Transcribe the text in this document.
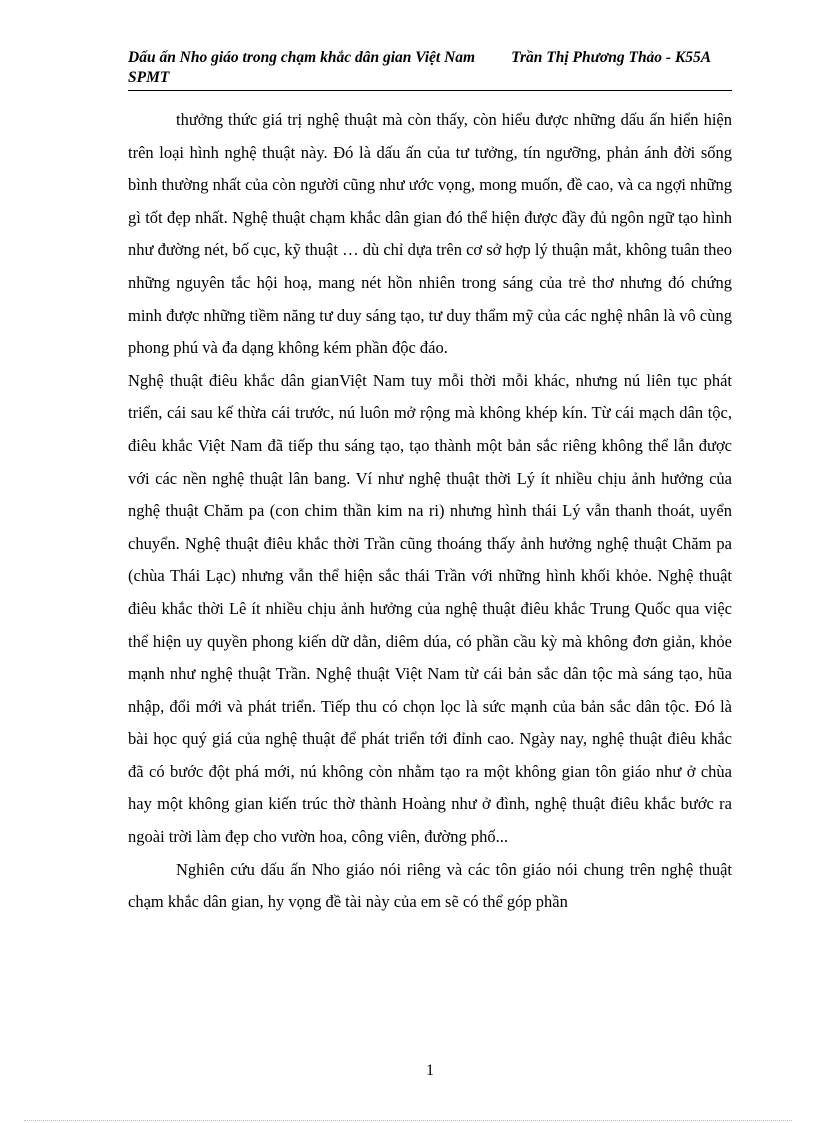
Dấu ấn Nho giáo trong chạm khắc dân gian Việt Nam Trần Thị Phương Thảo - K55A SPMT

thưởng thức giá trị nghệ thuật mà còn thấy, còn hiểu được những dấu ấn hiển hiện trên loại hình nghệ thuật này. Đó là dấu ấn của tư tưởng, tín ngưỡng, phản ánh đời sống bình thường nhất của còn người cũng như ước vọng, mong muốn, đề cao, và ca ngợi những gì tốt đẹp nhất. Nghệ thuật chạm khắc dân gian đó thể hiện được đầy đủ ngôn ngữ tạo hình như đường nét, bố cục, kỹ thuật … dù chỉ dựa trên cơ sở hợp lý thuận mắt, không tuân theo những nguyên tắc hội hoạ, mang nét hồn nhiên trong sáng của trẻ thơ nhưng đó chứng minh được những tiềm năng tư duy sáng tạo, tư duy thẩm mỹ của các nghệ nhân là vô cùng phong phú và đa dạng không kém phần độc đáo.

Nghệ thuật điêu khắc dân gianViệt Nam tuy mỗi thời mỗi khác, nhưng nú liên tục phát triển, cái sau kế thừa cái trước, nú luôn mở rộng mà không khép kín. Từ cái mạch dân tộc, điêu khắc Việt Nam đã tiếp thu sáng tạo, tạo thành một bản sắc riêng không thể lẫn được với các nền nghệ thuật lân bang. Ví như nghệ thuật thời Lý ít nhiều chịu ảnh hưởng của nghệ thuật Chăm pa (con chim thần kim na ri) nhưng hình thái Lý vẫn thanh thoát, uyển chuyển. Nghệ thuật điêu khắc thời Trần cũng thoáng thấy ảnh hưởng nghệ thuật Chăm pa (chùa Thái Lạc) nhưng vẫn thể hiện sắc thái Trần với những hình khối khỏe. Nghệ thuật điêu khắc thời Lê ít nhiều chịu ảnh hưởng của nghệ thuật điêu khắc Trung Quốc qua việc thể hiện uy quyền phong kiến dữ dằn, diêm dúa, có phần cầu kỳ mà không đơn giản, khỏe mạnh như nghệ thuật Trần. Nghệ thuật Việt Nam từ cái bản sắc dân tộc mà sáng tạo, hũa nhập, đổi mới và phát triển. Tiếp thu có chọn lọc là sức mạnh của bản sắc dân tộc. Đó là bài học quý giá của nghệ thuật để phát triển tới đỉnh cao. Ngày nay, nghệ thuật điêu khắc đã có bước đột phá mới, nú không còn nhằm tạo ra một không gian tôn giáo như ở chùa hay một không gian kiến trúc thờ thành Hoàng như ở đình, nghệ thuật điêu khắc bước ra ngoài trời làm đẹp cho vườn hoa, công viên, đường phố...

Nghiên cứu dấu ấn Nho giáo nói riêng và các tôn giáo nói chung trên nghệ thuật chạm khắc dân gian, hy vọng đề tài này của em sẽ có thể góp phần

1
